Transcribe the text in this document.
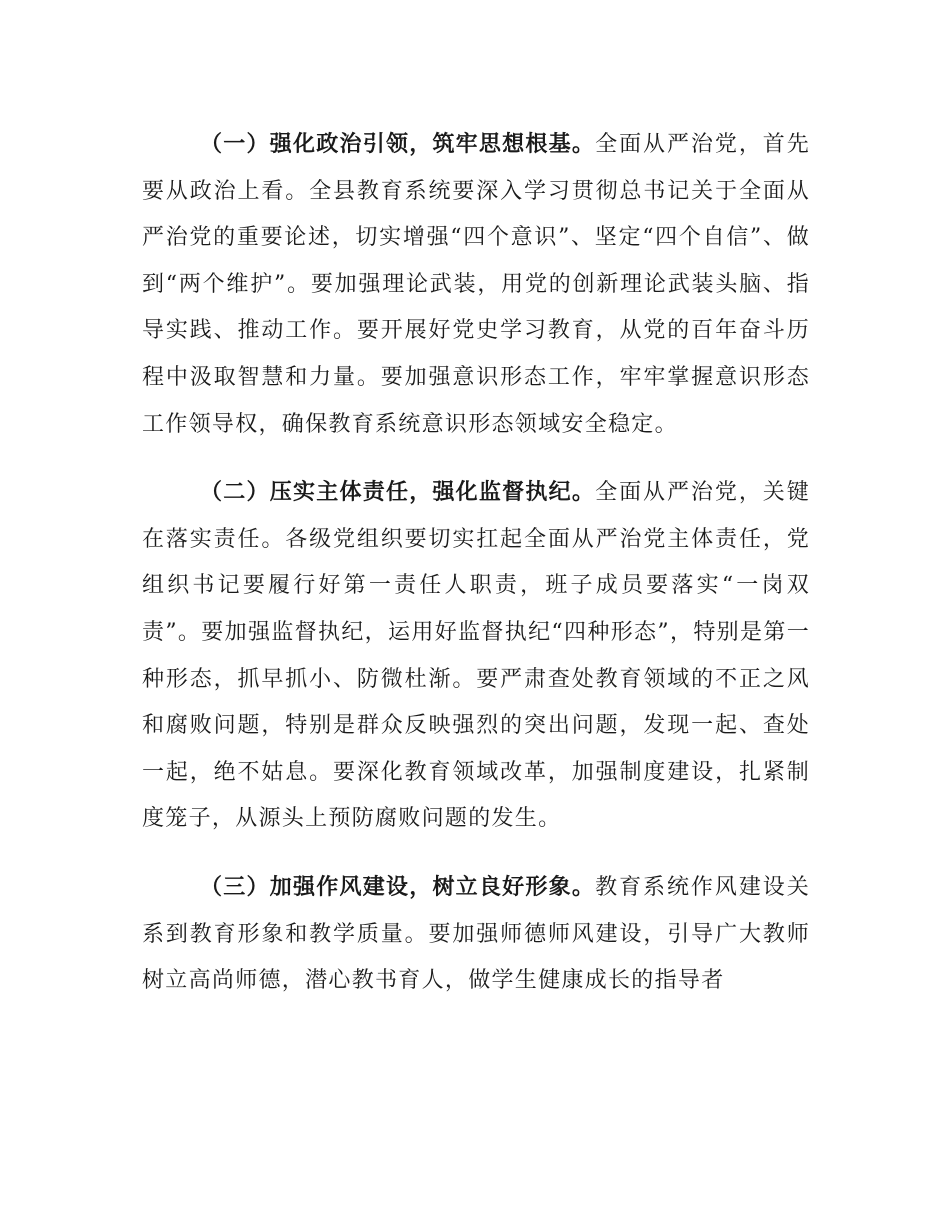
（一）强化政治引领，筑牢思想根基。全面从严治党，首先要从政治上看。全县教育系统要深入学习贯彻总书记关于全面从严治党的重要论述，切实增强“四个意识”、坚定“四个自信”、做到“两个维护”。要加强理论武装，用党的创新理论武装头脑、指导实践、推动工作。要开展好党史学习教育，从党的百年奋斗历程中汲取智慧和力量。要加强意识形态工作，牢牢掌握意识形态工作领导权，确保教育系统意识形态领域安全稳定。

（二）压实主体责任，强化监督执纪。全面从严治党，关键在落实责任。各级党组织要切实扛起全面从严治党主体责任，党组织书记要履行好第一责任人职责，班子成员要落实“一岗双责”。要加强监督执纪，运用好监督执纪“四种形态”，特别是第一种形态，抓早抓小、防微杜渐。要严肃查处教育领域的不正之风和腐败问题，特别是群众反映强烈的突出问题，发现一起、查处一起，绝不姑息。要深化教育领域改革，加强制度建设，扎紧制度笼子，从源头上预防腐败问题的发生。

（三）加强作风建设，树立良好形象。教育系统作风建设关系到教育形象和教学质量。要加强师德师风建设，引导广大教师树立高尚师德，潜心教书育人，做学生健康成长的指导者
